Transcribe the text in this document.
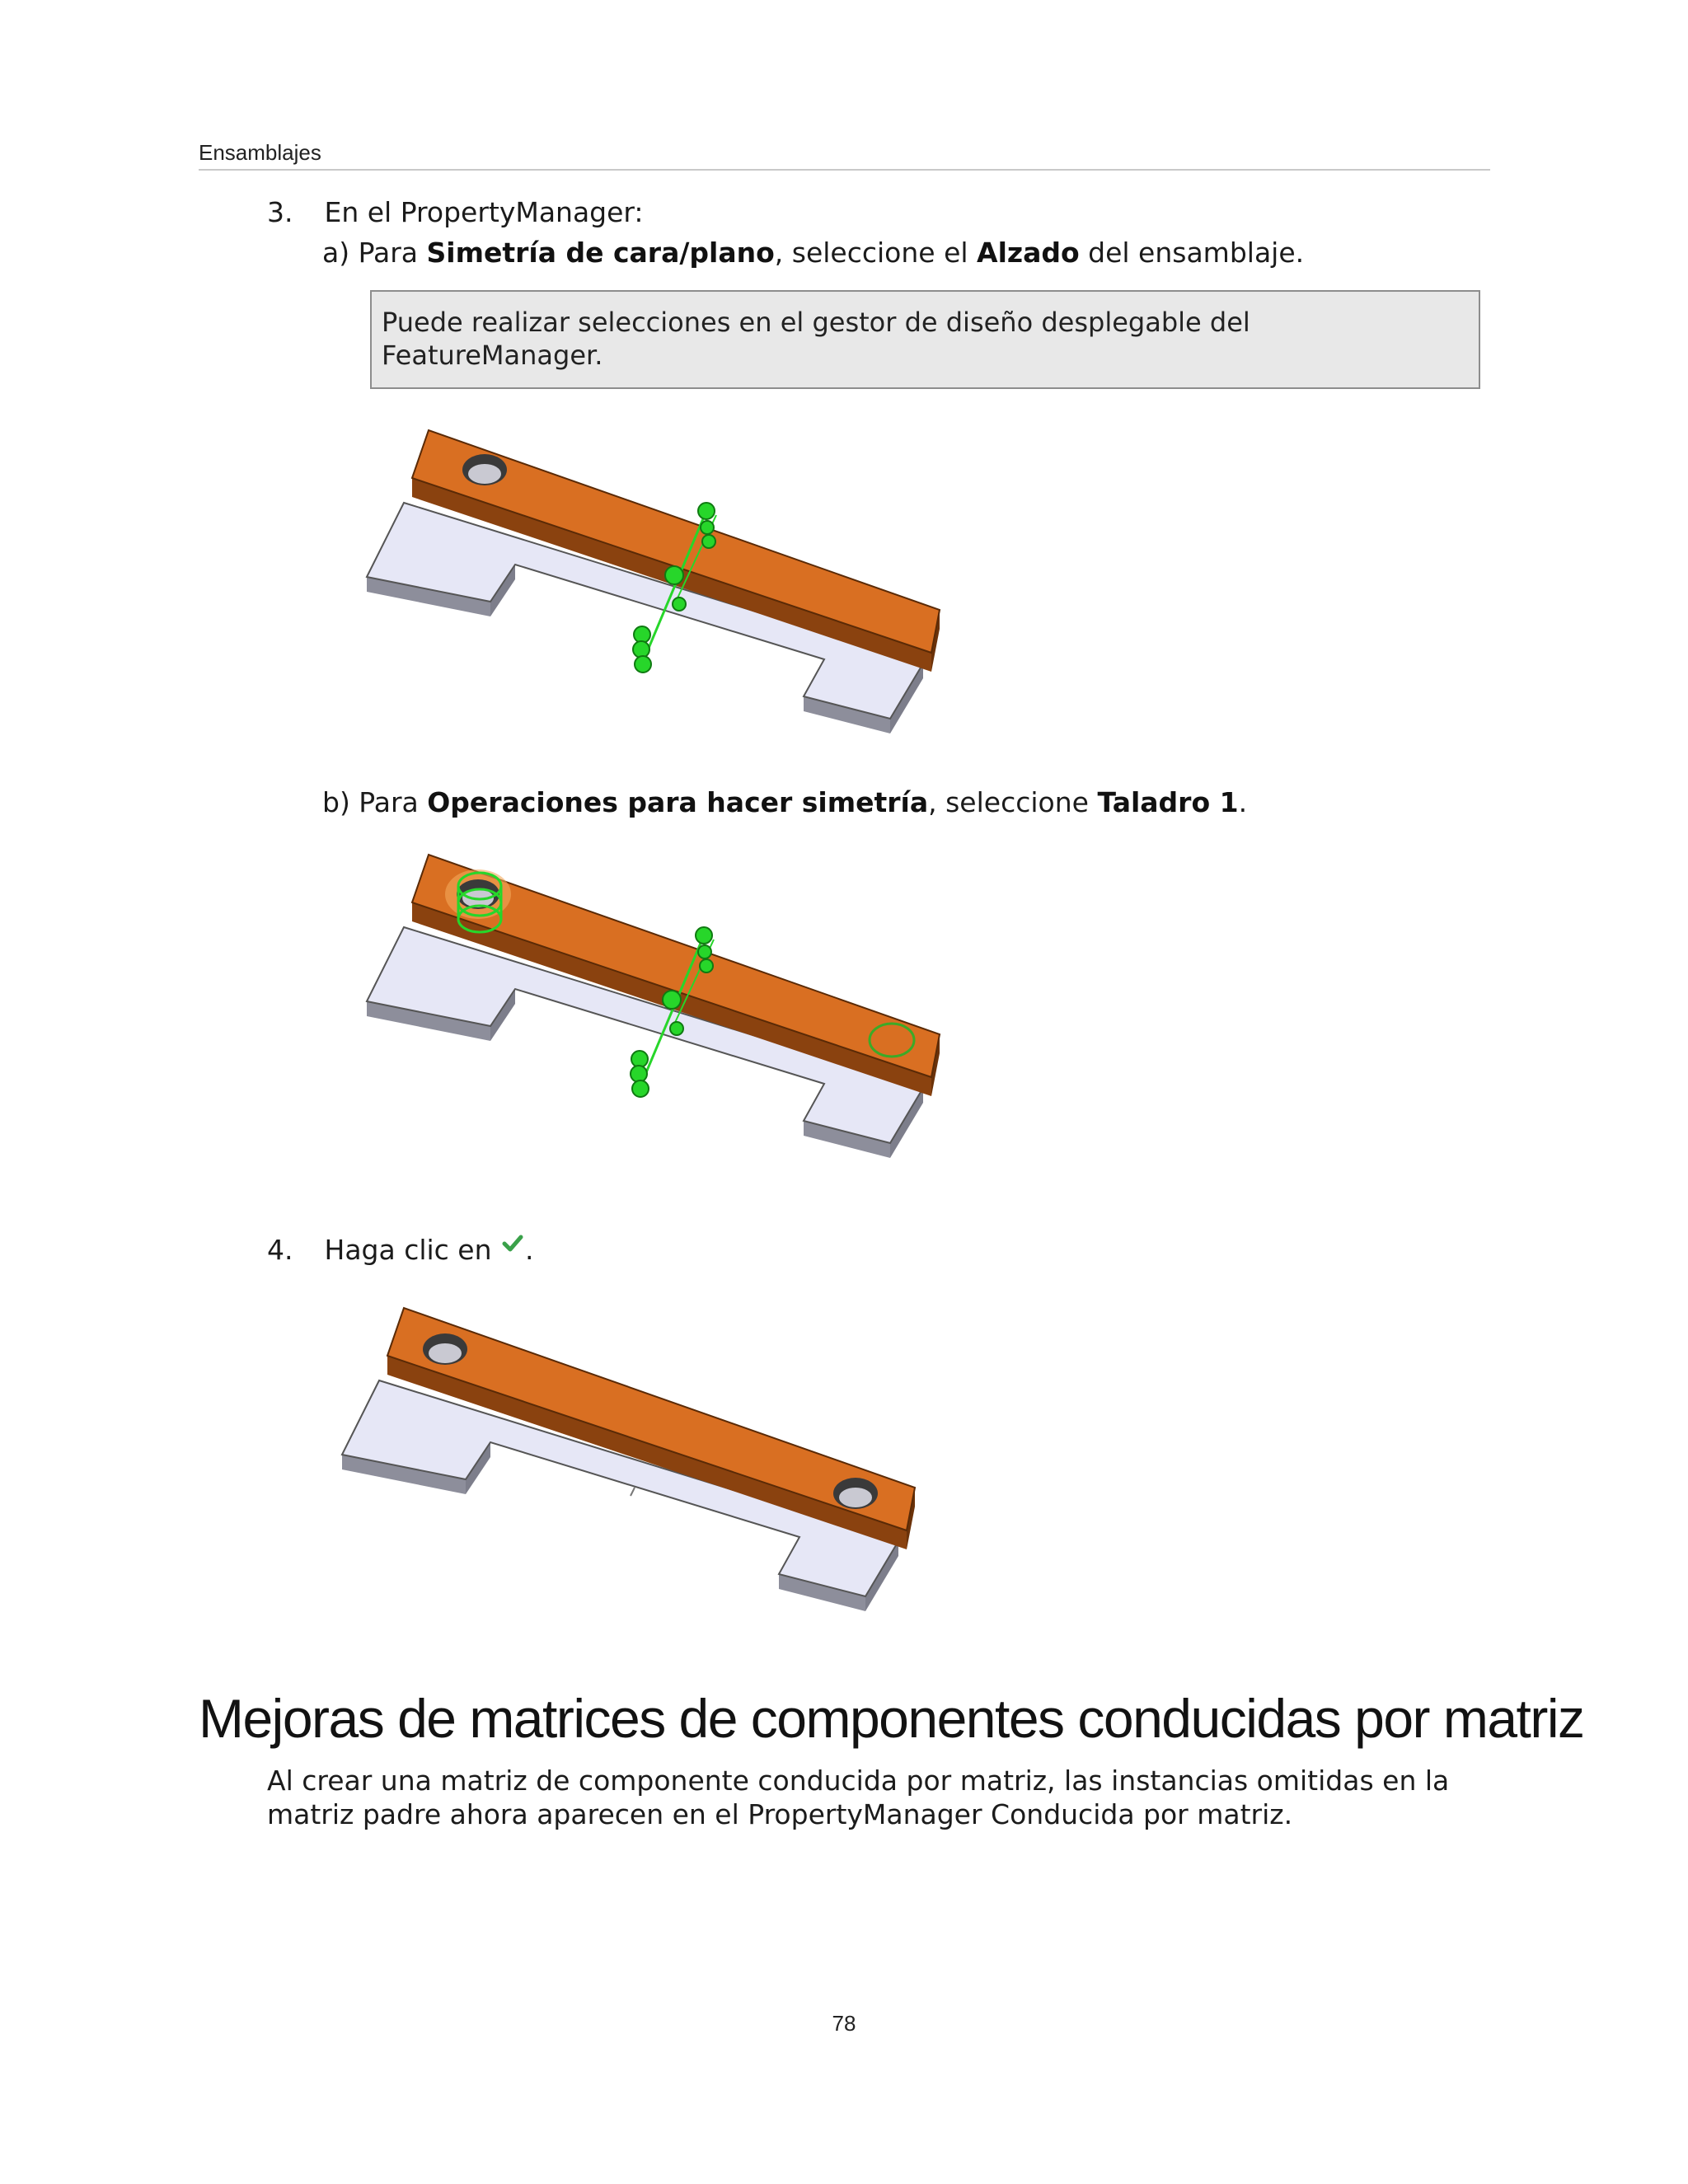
Ensamblajes
3. En el PropertyManager:
a) Para Simetría de cara/plano, seleccione el Alzado del ensamblaje.
Puede realizar selecciones en el gestor de diseño desplegable del FeatureManager.
b) Para Operaciones para hacer simetría, seleccione Taladro 1.
4. Haga clic en .
Mejoras de matrices de componentes conducidas por matriz
Al crear una matriz de componente conducida por matriz, las instancias omitidas en la matriz padre ahora aparecen en el PropertyManager Conducida por matriz.
78
